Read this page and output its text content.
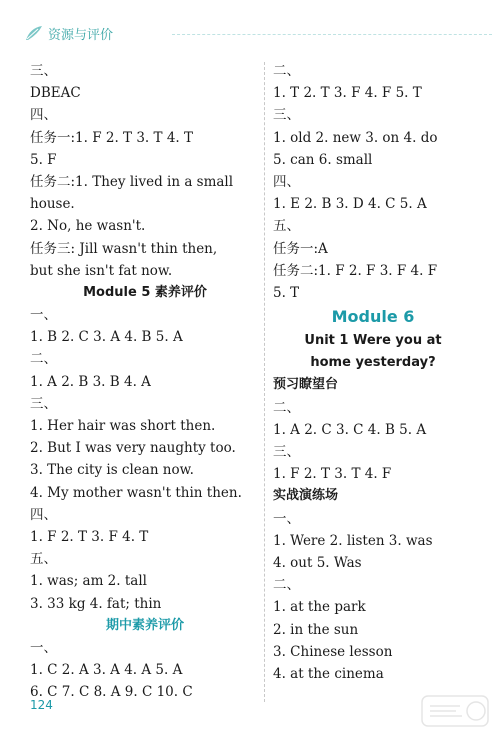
资源与评价
三、
DBEAC
四、
任务一:1. F 2. T 3. T 4. T
5. F
任务二:1. They lived in a small
house.
2. No, he wasn't.
任务三: Jill wasn't thin then,
but she isn't fat now.
Module 5 素养评价
一、
1. B 2. C 3. A 4. B 5. A
二、
1. A 2. B 3. B 4. A
三、
1. Her hair was short then.
2. But I was very naughty too.
3. The city is clean now.
4. My mother wasn't thin then.
四、
1. F 2. T 3. F 4. T
五、
1. was; am 2. tall
3. 33 kg 4. fat; thin
期中素养评价
一、
1. C 2. A 3. A 4. A 5. A
6. C 7. C 8. A 9. C 10. C
二、
1. T 2. T 3. F 4. F 5. T
三、
1. old 2. new 3. on 4. do
5. can 6. small
四、
1. E 2. B 3. D 4. C 5. A
五、
任务一:A
任务二:1. F 2. F 3. F 4. F
5. T
Module 6
Unit 1 Were you at
home yesterday?
预习瞭望台
二、
1. A 2. C 3. C 4. B 5. A
三、
1. F 2. T 3. T 4. F
实战演练场
一、
1. Were 2. listen 3. was
4. out 5. Was
二、
1. at the park
2. in the sun
3. Chinese lesson
4. at the cinema
124
